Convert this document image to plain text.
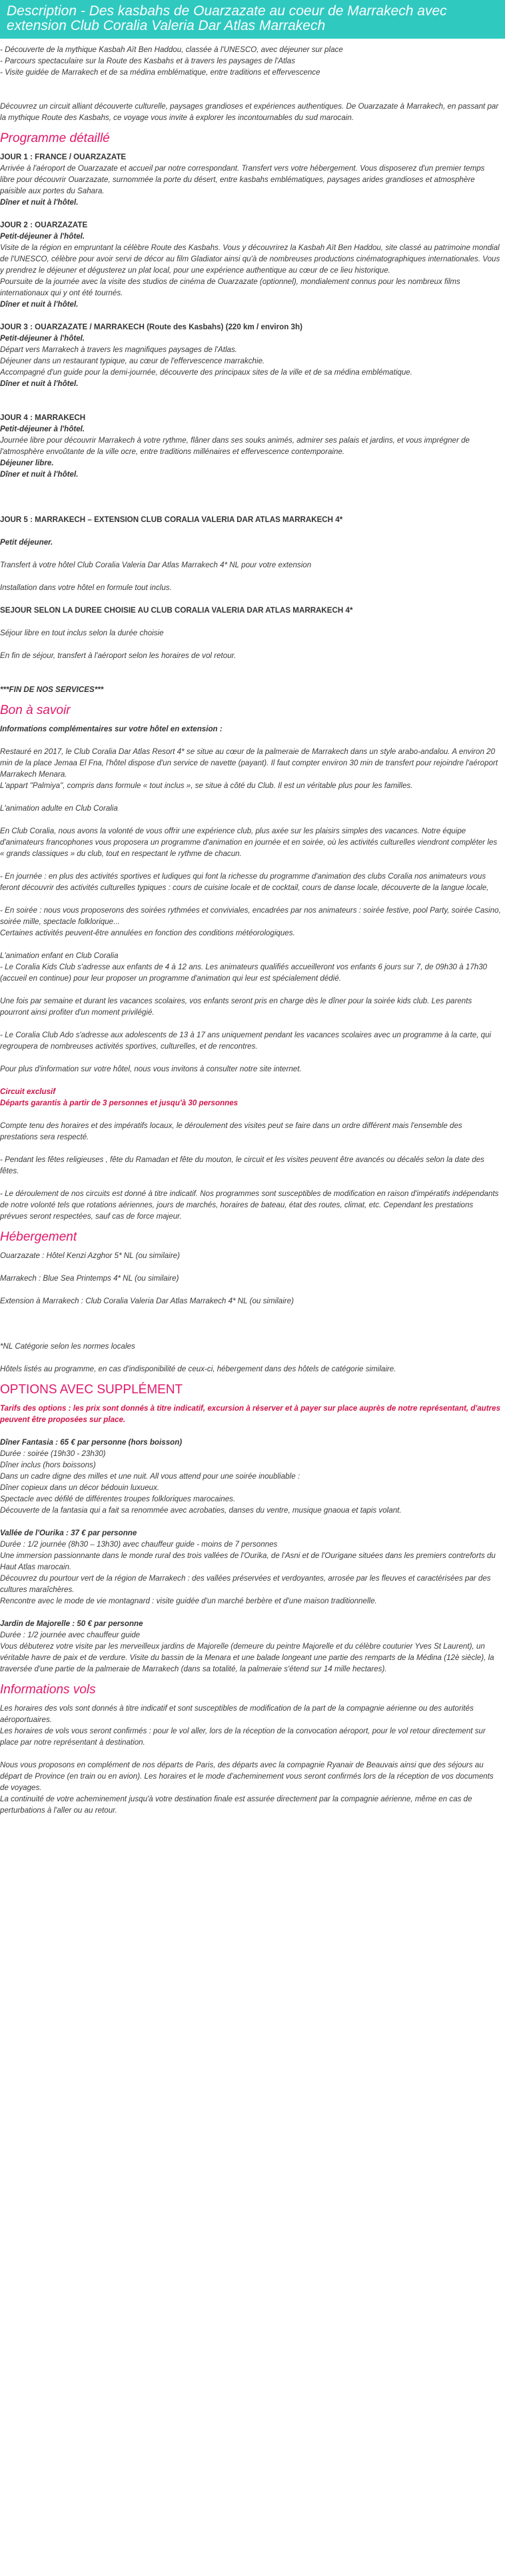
Description - Des kasbahs de Ouarzazate au coeur de Marrakech avec extension Club Coralia Valeria Dar Atlas Marrakech
- Découverte de la mythique Kasbah Aït Ben Haddou, classée à l'UNESCO, avec déjeuner sur place
- Parcours spectaculaire sur la Route des Kasbahs et à travers les paysages de l'Atlas
- Visite guidée de Marrakech et de sa médina emblématique, entre traditions et effervescence

Découvrez un circuit alliant découverte culturelle, paysages grandioses et expériences authentiques. De Ouarzazate à Marrakech, en passant par la mythique Route des Kasbahs, ce voyage vous invite à explorer les incontournables du sud marocain.

Programme détaillé
JOUR 1 : FRANCE / OUARZAZATE

Arrivée à l'aéroport de Ouarzazate et accueil par notre correspondant. Transfert vers votre hébergement. Vous disposerez d'un premier temps libre pour découvrir Ouarzazate, surnommée la porte du désert, entre kasbahs emblématiques, paysages arides grandioses et atmosphère paisible aux portes du Sahara.

Dîner et nuit à l'hôtel.

JOUR 2 : OUARZAZATE

Petit-déjeuner à l'hôtel.

Visite de la région en empruntant la célèbre Route des Kasbahs. Vous y découvrirez la Kasbah Aït Ben Haddou, site classé au patrimoine mondial de l'UNESCO, célèbre pour avoir servi de décor au film Gladiator ainsi qu'à de nombreuses productions cinématographiques internationales. Vous y prendrez le déjeuner et dégusterez un plat local, pour une expérience authentique au cœur de ce lieu historique.

Poursuite de la journée avec la visite des studios de cinéma de Ouarzazate (optionnel), mondialement connus pour les nombreux films internationaux qui y ont été tournés.

Dîner et nuit à l'hôtel.

JOUR 3 : OUARZAZATE / MARRAKECH (Route des Kasbahs) (220 km / environ 3h)

Petit-déjeuner à l'hôtel.

Départ vers Marrakech à travers les magnifiques paysages de l'Atlas.

Déjeuner dans un restaurant typique, au cœur de l'effervescence marrakchie.

Accompagné d'un guide pour la demi-journée, découverte des principaux sites de la ville et de sa médina emblématique.

Dîner et nuit à l'hôtel.

JOUR 4 : MARRAKECH

Petit-déjeuner à l'hôtel.

Journée libre pour découvrir Marrakech à votre rythme, flâner dans ses souks animés, admirer ses palais et jardins, et vous imprégner de l'atmosphère envoûtante de la ville ocre, entre traditions millénaires et effervescence contemporaine.

Déjeuner libre.

Dîner et nuit à l'hôtel.

JOUR 5 : MARRAKECH – EXTENSION CLUB CORALIA VALERIA DAR ATLAS MARRAKECH 4*

Petit déjeuner.

Transfert à votre hôtel Club Coralia Valeria Dar Atlas Marrakech 4* NL pour votre extension

Installation dans votre hôtel en formule tout inclus.

SEJOUR SELON LA DUREE CHOISIE AU CLUB CORALIA VALERIA DAR ATLAS MARRAKECH 4*

Séjour libre en tout inclus selon la durée choisie

En fin de séjour, transfert à l'aéroport selon les horaires de vol retour.

***FIN DE NOS SERVICES***

Bon à savoir

Informations complémentaires sur votre hôtel en extension :

Restauré en 2017, le Club Coralia Dar Atlas Resort 4* se situe au cœur de la palmeraie de Marrakech dans un style arabo-andalou. A environ 20 min de la place Jemaa El Fna, l'hôtel dispose d'un service de navette (payant). Il faut compter environ 30 min de transfert pour rejoindre l'aéroport Marrakech Menara.

L'appart "Palmiya", compris dans formule « tout inclus », se situe à côté du Club. Il est un véritable plus pour les familles.

L'animation adulte en Club Coralia

En Club Coralia, nous avons la volonté de vous offrir une expérience club, plus axée sur les plaisirs simples des vacances. Notre équipe d'animateurs francophones vous proposera un programme d'animation en journée et en soirée, où les activités culturelles viendront compléter les « grands classiques » du club, tout en respectant le rythme de chacun.

- En journée : en plus des activités sportives et ludiques qui font la richesse du programme d'animation des clubs Coralia nos animateurs vous feront découvrir des activités culturelles typiques : cours de cuisine locale et de cocktail, cours de danse locale, découverte de la langue locale,

- En soirée : nous vous proposerons des soirées rythmées et conviviales, encadrées par nos animateurs : soirée festive, pool Party, soirée Casino, soirée mille, spectacle folklorique...

Certaines activités peuvent-être annulées en fonction des conditions météorologiques.

L'animation enfant en Club Coralia

- Le Coralia Kids Club s'adresse aux enfants de 4 à 12 ans. Les animateurs qualifiés accueilleront vos enfants 6 jours sur 7, de 09h30 à 17h30 (accueil en continue) pour leur proposer un programme d'animation qui leur est spécialement dédié.

Une fois par semaine et durant les vacances scolaires, vos enfants seront pris en charge dès le dîner pour la soirée kids club. Les parents pourront ainsi profiter d'un moment privilégié.

- Le Coralia Club Ado s'adresse aux adolescents de 13 à 17 ans uniquement pendant les vacances scolaires avec un programme à la carte, qui regroupera de nombreuses activités sportives, culturelles, et de rencontres.

Pour plus d'information sur votre hôtel, nous vous invitons à consulter notre site internet.

Circuit exclusif

Départs garantis à partir de 3 personnes et jusqu'à 30 personnes

Compte tenu des horaires et des impératifs locaux, le déroulement des visites peut se faire dans un ordre différent mais l'ensemble des prestations sera respecté.

- Pendant les fêtes religieuses , fête du Ramadan et fête du mouton, le circuit et les visites peuvent être avancés ou décalés selon la date des fêtes.

- Le déroulement de nos circuits est donné à titre indicatif. Nos programmes sont susceptibles de modification en raison d'impératifs indépendants de notre volonté tels que rotations aériennes, jours de marchés, horaires de bateau, état des routes, climat, etc. Cependant les prestations prévues seront respectées, sauf cas de force majeur.

Hébergement

Ouarzazate : Hôtel Kenzi Azghor 5* NL (ou similaire)

Marrakech : Blue Sea Printemps 4* NL (ou similaire)

Extension à Marrakech : Club Coralia Valeria Dar Atlas Marrakech 4* NL (ou similaire)

*NL Catégorie selon les normes locales

Hôtels listés au programme, en cas d'indisponibilité de ceux-ci, hébergement dans des hôtels de catégorie similaire.

OPTIONS AVEC SUPPLÉMENT

Tarifs des options : les prix sont donnés à titre indicatif, excursion à réserver et à payer sur place auprès de notre représentant, d'autres peuvent être proposées sur place.

Dîner Fantasia : 65 € par personne (hors boisson)

Durée : soirée (19h30 - 23h30)

Dîner inclus (hors boissons)

Dans un cadre digne des milles et une nuit. All vous attend pour une soirée inoubliable :

Dîner copieux dans un décor bédouin luxueux.

Spectacle avec défilé de différentes troupes folkloriques marocaines.

Découverte de la fantasia qui a fait sa renommée avec acrobaties, danses du ventre, musique gnaoua et tapis volant.

Vallée de l'Ourika : 37 € par personne

Durée : 1/2 journée (8h30 – 13h30) avec chauffeur guide - moins de 7 personnes

Une immersion passionnante dans le monde rural des trois vallées de l'Ourika, de l'Asni et de l'Ourigane situées dans les premiers contreforts du Haut Atlas marocain.

Découvrez du pourtour vert de la région de Marrakech : des vallées préservées et verdoyantes, arrosée par les fleuves et caractérisées par des cultures maraîchères.

Rencontre avec le mode de vie montagnard : visite guidée d'un marché berbère et d'une maison traditionnelle.

Jardin de Majorelle : 50 € par personne

Durée : 1/2 journée avec chauffeur guide

Vous débuterez votre visite par les merveilleux jardins de Majorelle (demeure du peintre Majorelle et du célèbre couturier Yves St Laurent), un véritable havre de paix et de verdure. Visite du bassin de la Menara et une balade longeant une partie des remparts de la Médina (12è siècle), la traversée d'une partie de la palmeraie de Marrakech (dans sa totalité, la palmeraie s'étend sur 14 mille hectares).

Informations vols

Les horaires des vols sont donnés à titre indicatif et sont susceptibles de modification de la part de la compagnie aérienne ou des autorités aéroportuaires.

Les horaires de vols vous seront confirmés : pour le vol aller, lors de la réception de la convocation aéroport, pour le vol retour directement sur place par notre représentant à destination.

Nous vous proposons en complément de nos départs de Paris, des départs avec la compagnie Ryanair de Beauvais ainsi que des séjours au départ de Province (en train ou en avion). Les horaires et le mode d'acheminement vous seront confirmés lors de la réception de vos documents de voyages.

La continuité de votre acheminement jusqu'à votre destination finale est assurée directement par la compagnie aérienne, même en cas de perturbations à l'aller ou au retour.
